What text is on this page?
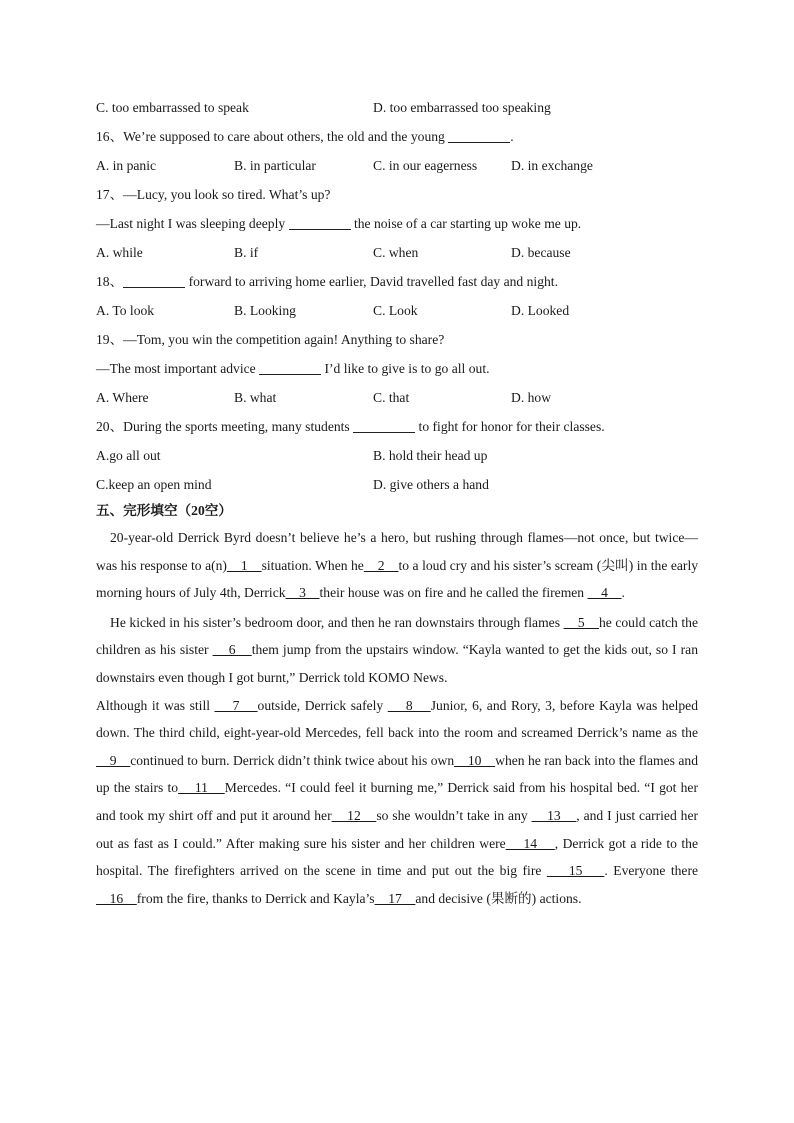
C. too embarrassed to speak	D. too embarrassed too speaking
16、We’re supposed to care about others, the old and the young	.
A. in panic	B. in particular	C. in our eagerness	D. in exchange
17、—Lucy, you look so tired. What’s up?
—Last night I was sleeping deeply	the noise of a car starting up woke me up.
A. while	B. if	C. when	D. because
18、	forward to arriving home earlier, David travelled fast day and night.
A. To look	B. Looking	C. Look	D. Looked
19、—Tom, you win the competition again! Anything to share?
—The most important advice	I’d like to give is to go all out.
A. Where	B. what	C. that	D. how
20、During the sports meeting, many students	to fight for honor for their classes.
A.go all out	B. hold their head up
C.keep an open mind	D. give others a hand
五、完形填空（20空）
20-year-old Derrick Byrd doesn’t believe he’s a hero, but rushing through flames—not once, but twice—was his response to a(n)    1    situation. When he    2    to a loud cry and his sister’s scream (尖叫) in the early morning hours of July 4th, Derrick    3    their house was on fire and he called the firemen     4    .
He kicked in his sister’s bedroom door, and then he ran downstairs through flames     5    he could catch the children as his sister     6    them jump from the upstairs window. “Kayla wanted to get the kids out, so I ran downstairs even though I got burnt,” Derrick told KOMO News.
Although it was still     7    outside, Derrick safely     8    Junior, 6, and Rory, 3, before Kayla was helped down. The third child, eight-year-old Mercedes, fell back into the room and screamed Derrick’s name as the    9    continued to burn. Derrick didn’t think twice about his own    10    when he ran back into the flames and up the stairs to    11    Mercedes. “I could feel it burning me,” Derrick said from his hospital bed. “I got her and took my shirt off and put it around her    12    so she wouldn’t take in any     13    , and I just carried her out as fast as I could.” After making sure his sister and her children were    14    , Derrick got a ride to the hospital. The firefighters arrived on the scene in time and put out the big fire     15    . Everyone there     16    from the fire, thanks to Derrick and Kayla’s    17    and decisive (果断的) actions.
